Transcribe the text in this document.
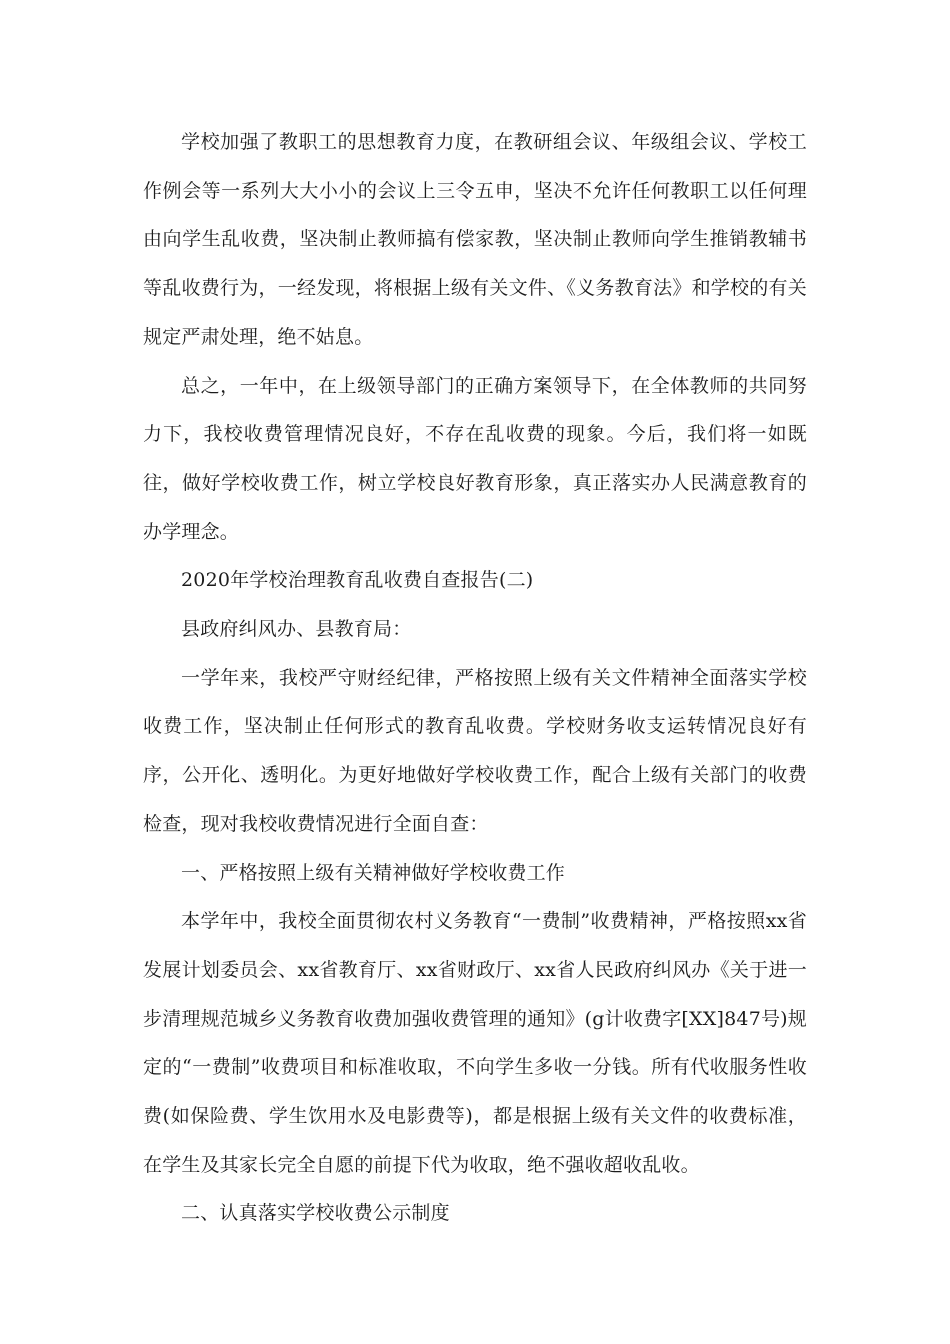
学校加强了教职工的思想教育力度，在教研组会议、年级组会议、学校工作例会等一系列大大小小的会议上三令五申，坚决不允许任何教职工以任何理由向学生乱收费，坚决制止教师搞有偿家教，坚决制止教师向学生推销教辅书等乱收费行为，一经发现，将根据上级有关文件、《义务教育法》和学校的有关规定严肃处理，绝不姑息。

总之，一年中，在上级领导部门的正确方案领导下，在全体教师的共同努力下，我校收费管理情况良好，不存在乱收费的现象。今后，我们将一如既往，做好学校收费工作，树立学校良好教育形象，真正落实办人民满意教育的办学理念。

2020年学校治理教育乱收费自查报告(二)

县政府纠风办、县教育局：

一学年来，我校严守财经纪律，严格按照上级有关文件精神全面落实学校收费工作，坚决制止任何形式的教育乱收费。学校财务收支运转情况良好有序，公开化、透明化。为更好地做好学校收费工作，配合上级有关部门的收费检查，现对我校收费情况进行全面自查：

一、严格按照上级有关精神做好学校收费工作

本学年中，我校全面贯彻农村义务教育“一费制”收费精神，严格按照xx省发展计划委员会、xx省教育厅、xx省财政厅、xx省人民政府纠风办《关于进一步清理规范城乡义务教育收费加强收费管理的通知》(g计收费字[XX]847号)规定的“一费制”收费项目和标准收取，不向学生多收一分钱。所有代收服务性收费(如保险费、学生饮用水及电影费等)，都是根据上级有关文件的收费标准，在学生及其家长完全自愿的前提下代为收取，绝不强收超收乱收。

二、认真落实学校收费公示制度
